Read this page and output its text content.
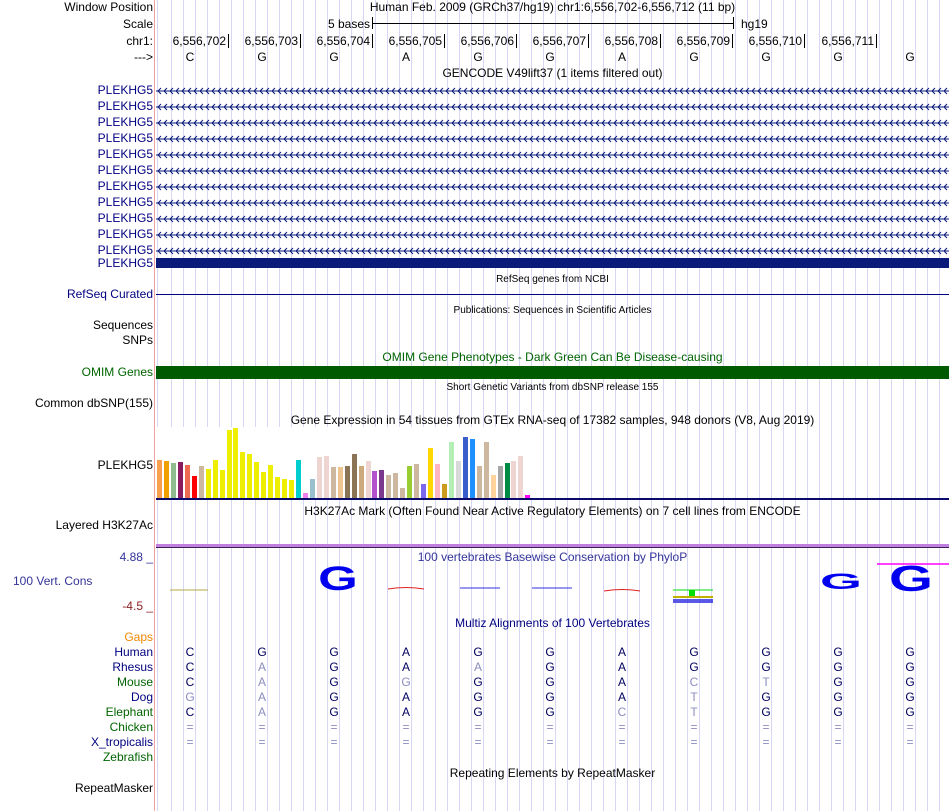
Window Position	Human Feb. 2009 (GRCh37/hg19) chr1:6,556,702-6,556,712 (11 bp)
Scale	5 bases	hg19
chr1: 6,556,702 6,556,703 6,556,704 6,556,705 6,556,706 6,556,707 6,556,708 6,556,709 6,556,710 6,556,711
--->	C	G	G	A	G	G	A	G	G	G	G
GENCODE V49lift37 (1 items filtered out)
PLEKHG5
PLEKHG5
PLEKHG5
PLEKHG5
PLEKHG5
PLEKHG5
PLEKHG5
PLEKHG5
PLEKHG5
PLEKHG5
PLEKHG5
PLEKHG5
RefSeq genes from NCBI
RefSeq Curated
Publications: Sequences in Scientific Articles
Sequences
SNPs
OMIM Gene Phenotypes - Dark Green Can Be Disease-causing
OMIM Genes
Short Genetic Variants from dbSNP release 155
Common dbSNP(155)
Gene Expression in 54 tissues from GTEx RNA-seq of 17382 samples, 948 donors (V8, Aug 2019)
PLEKHG5
H3K27Ac Mark (Often Found Near Active Regulatory Elements) on 7 cell lines from ENCODE
Layered H3K27Ac
4.88 _	100 vertebrates Basewise Conservation by PhyloP
100 Vert. Cons
-4.5 _
G	G G
Multiz Alignments of 100 Vertebrates
Gaps
Human	C	G	G	A	G	G	A	G	G	G	G
Rhesus	C	A	G	A	A	G	A	G	G	G	G
Mouse	C	A	G	G	G	G	A	C	T	G	G
Dog	G	A	G	A	G	G	A	T	G	G	G
Elephant	C	A	G	A	G	G	C	T	G	G	G
Chicken	=	=	=	=	=	=	=	=	=	=	=
X_tropicalis	=	=	=	=	=	=	=	=	=	=	=
Zebrafish
Repeating Elements by RepeatMasker
RepeatMasker
